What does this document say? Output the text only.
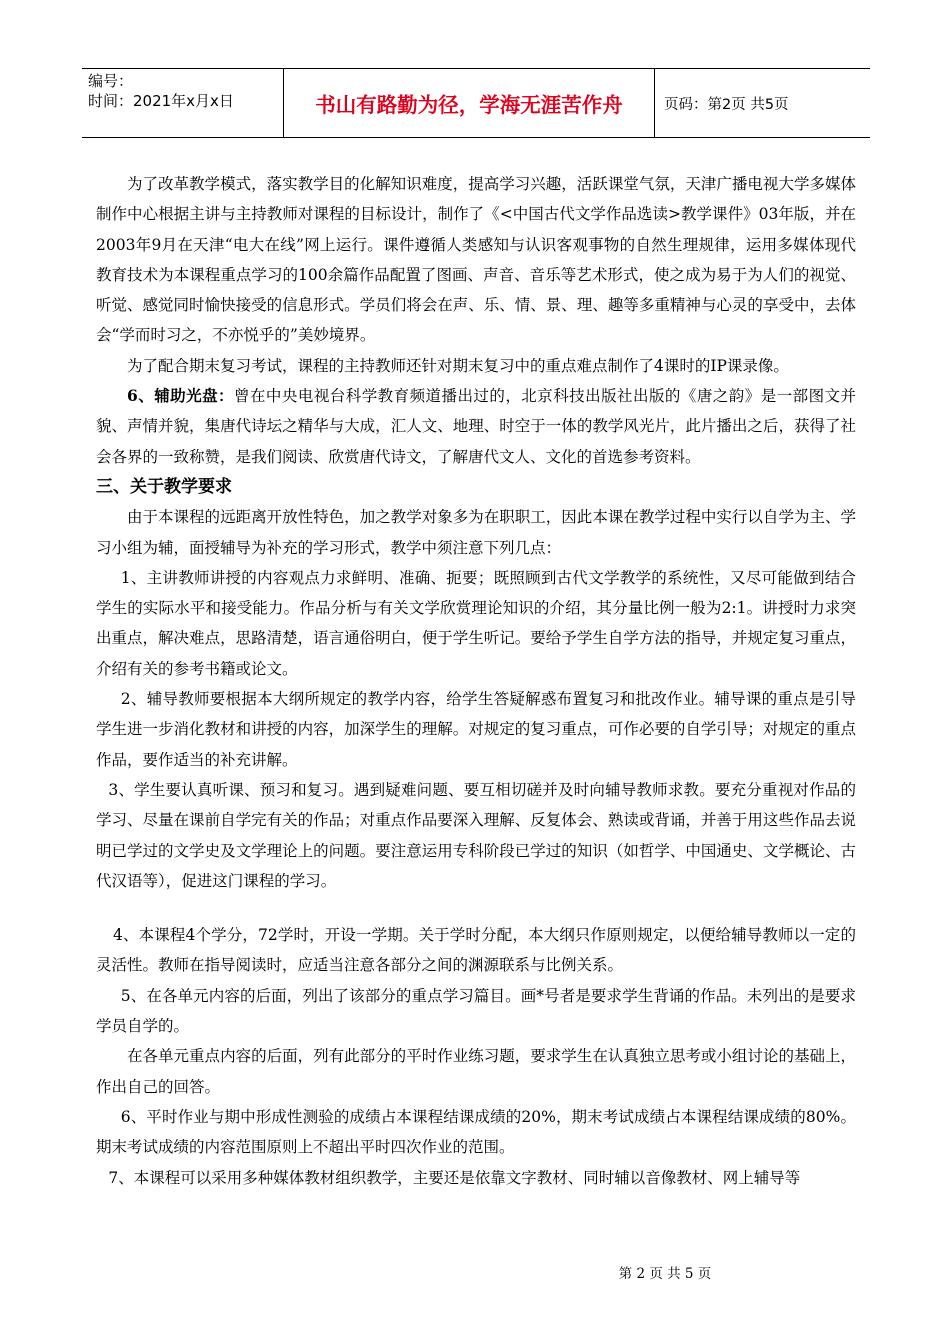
编号：
时间：2021年x月x日	书山有路勤为径，学海无涯苦作舟	页码：第2页 共5页

为了改革教学模式，落实教学目的化解知识难度，提高学习兴趣，活跃课堂气氛，天津广播电视大学多媒体制作中心根据主讲与主持教师对课程的目标设计，制作了《<中国古代文学作品选读>教学课件》03年版，并在2003年9月在天津“电大在线”网上运行。课件遵循人类感知与认识客观事物的自然生理规律，运用多媒体现代教育技术为本课程重点学习的100余篇作品配置了图画、声音、音乐等艺术形式，使之成为易于为人们的视觉、听觉、感觉同时愉快接受的信息形式。学员们将会在声、乐、情、景、理、趣等多重精神与心灵的享受中，去体会“学而时习之，不亦悦乎的”美妙境界。

为了配合期末复习考试，课程的主持教师还针对期末复习中的重点难点制作了4课时的IP课录像。

6、辅助光盘：曾在中央电视台科学教育频道播出过的，北京科技出版社出版的《唐之韵》是一部图文并貌、声情并貌，集唐代诗坛之精华与大成，汇人文、地理、时空于一体的教学风光片，此片播出之后，获得了社会各界的一致称赞，是我们阅读、欣赏唐代诗文，了解唐代文人、文化的首选参考资料。

三、关于教学要求

由于本课程的远距离开放性特色，加之教学对象多为在职职工，因此本课在教学过程中实行以自学为主、学习小组为辅，面授辅导为补充的学习形式，教学中须注意下列几点：

1、主讲教师讲授的内容观点力求鲜明、准确、扼要；既照顾到古代文学教学的系统性，又尽可能做到结合学生的实际水平和接受能力。作品分析与有关文学欣赏理论知识的介绍，其分量比例一般为2:1。讲授时力求突出重点，解决难点，思路清楚，语言通俗明白，便于学生听记。要给予学生自学方法的指导，并规定复习重点，介绍有关的参考书籍或论文。

2、辅导教师要根据本大纲所规定的教学内容，给学生答疑解惑布置复习和批改作业。辅导课的重点是引导学生进一步消化教材和讲授的内容，加深学生的理解。对规定的复习重点，可作必要的自学引导；对规定的重点作品，要作适当的补充讲解。

3、学生要认真听课、预习和复习。遇到疑难问题、要互相切磋并及时向辅导教师求教。要充分重视对作品的学习、尽量在课前自学完有关的作品；对重点作品要深入理解、反复体会、熟读或背诵，并善于用这些作品去说明已学过的文学史及文学理论上的问题。要注意运用专科阶段已学过的知识（如哲学、中国通史、文学概论、古代汉语等），促进这门课程的学习。

4、本课程4个学分，72学时，开设一学期。关于学时分配，本大纲只作原则规定，以便给辅导教师以一定的灵活性。教师在指导阅读时，应适当注意各部分之间的渊源联系与比例关系。

5、在各单元内容的后面，列出了该部分的重点学习篇目。画*号者是要求学生背诵的作品。未列出的是要求学员自学的。

在各单元重点内容的后面，列有此部分的平时作业练习题，要求学生在认真独立思考或小组讨论的基础上，作出自己的回答。

6、平时作业与期中形成性测验的成绩占本课程结课成绩的20%，期末考试成绩占本课程结课成绩的80%。期末考试成绩的内容范围原则上不超出平时四次作业的范围。

7、本课程可以采用多种媒体教材组织教学，主要还是依靠文字教材、同时辅以音像教材、网上辅导等

第 2 页 共 5 页
